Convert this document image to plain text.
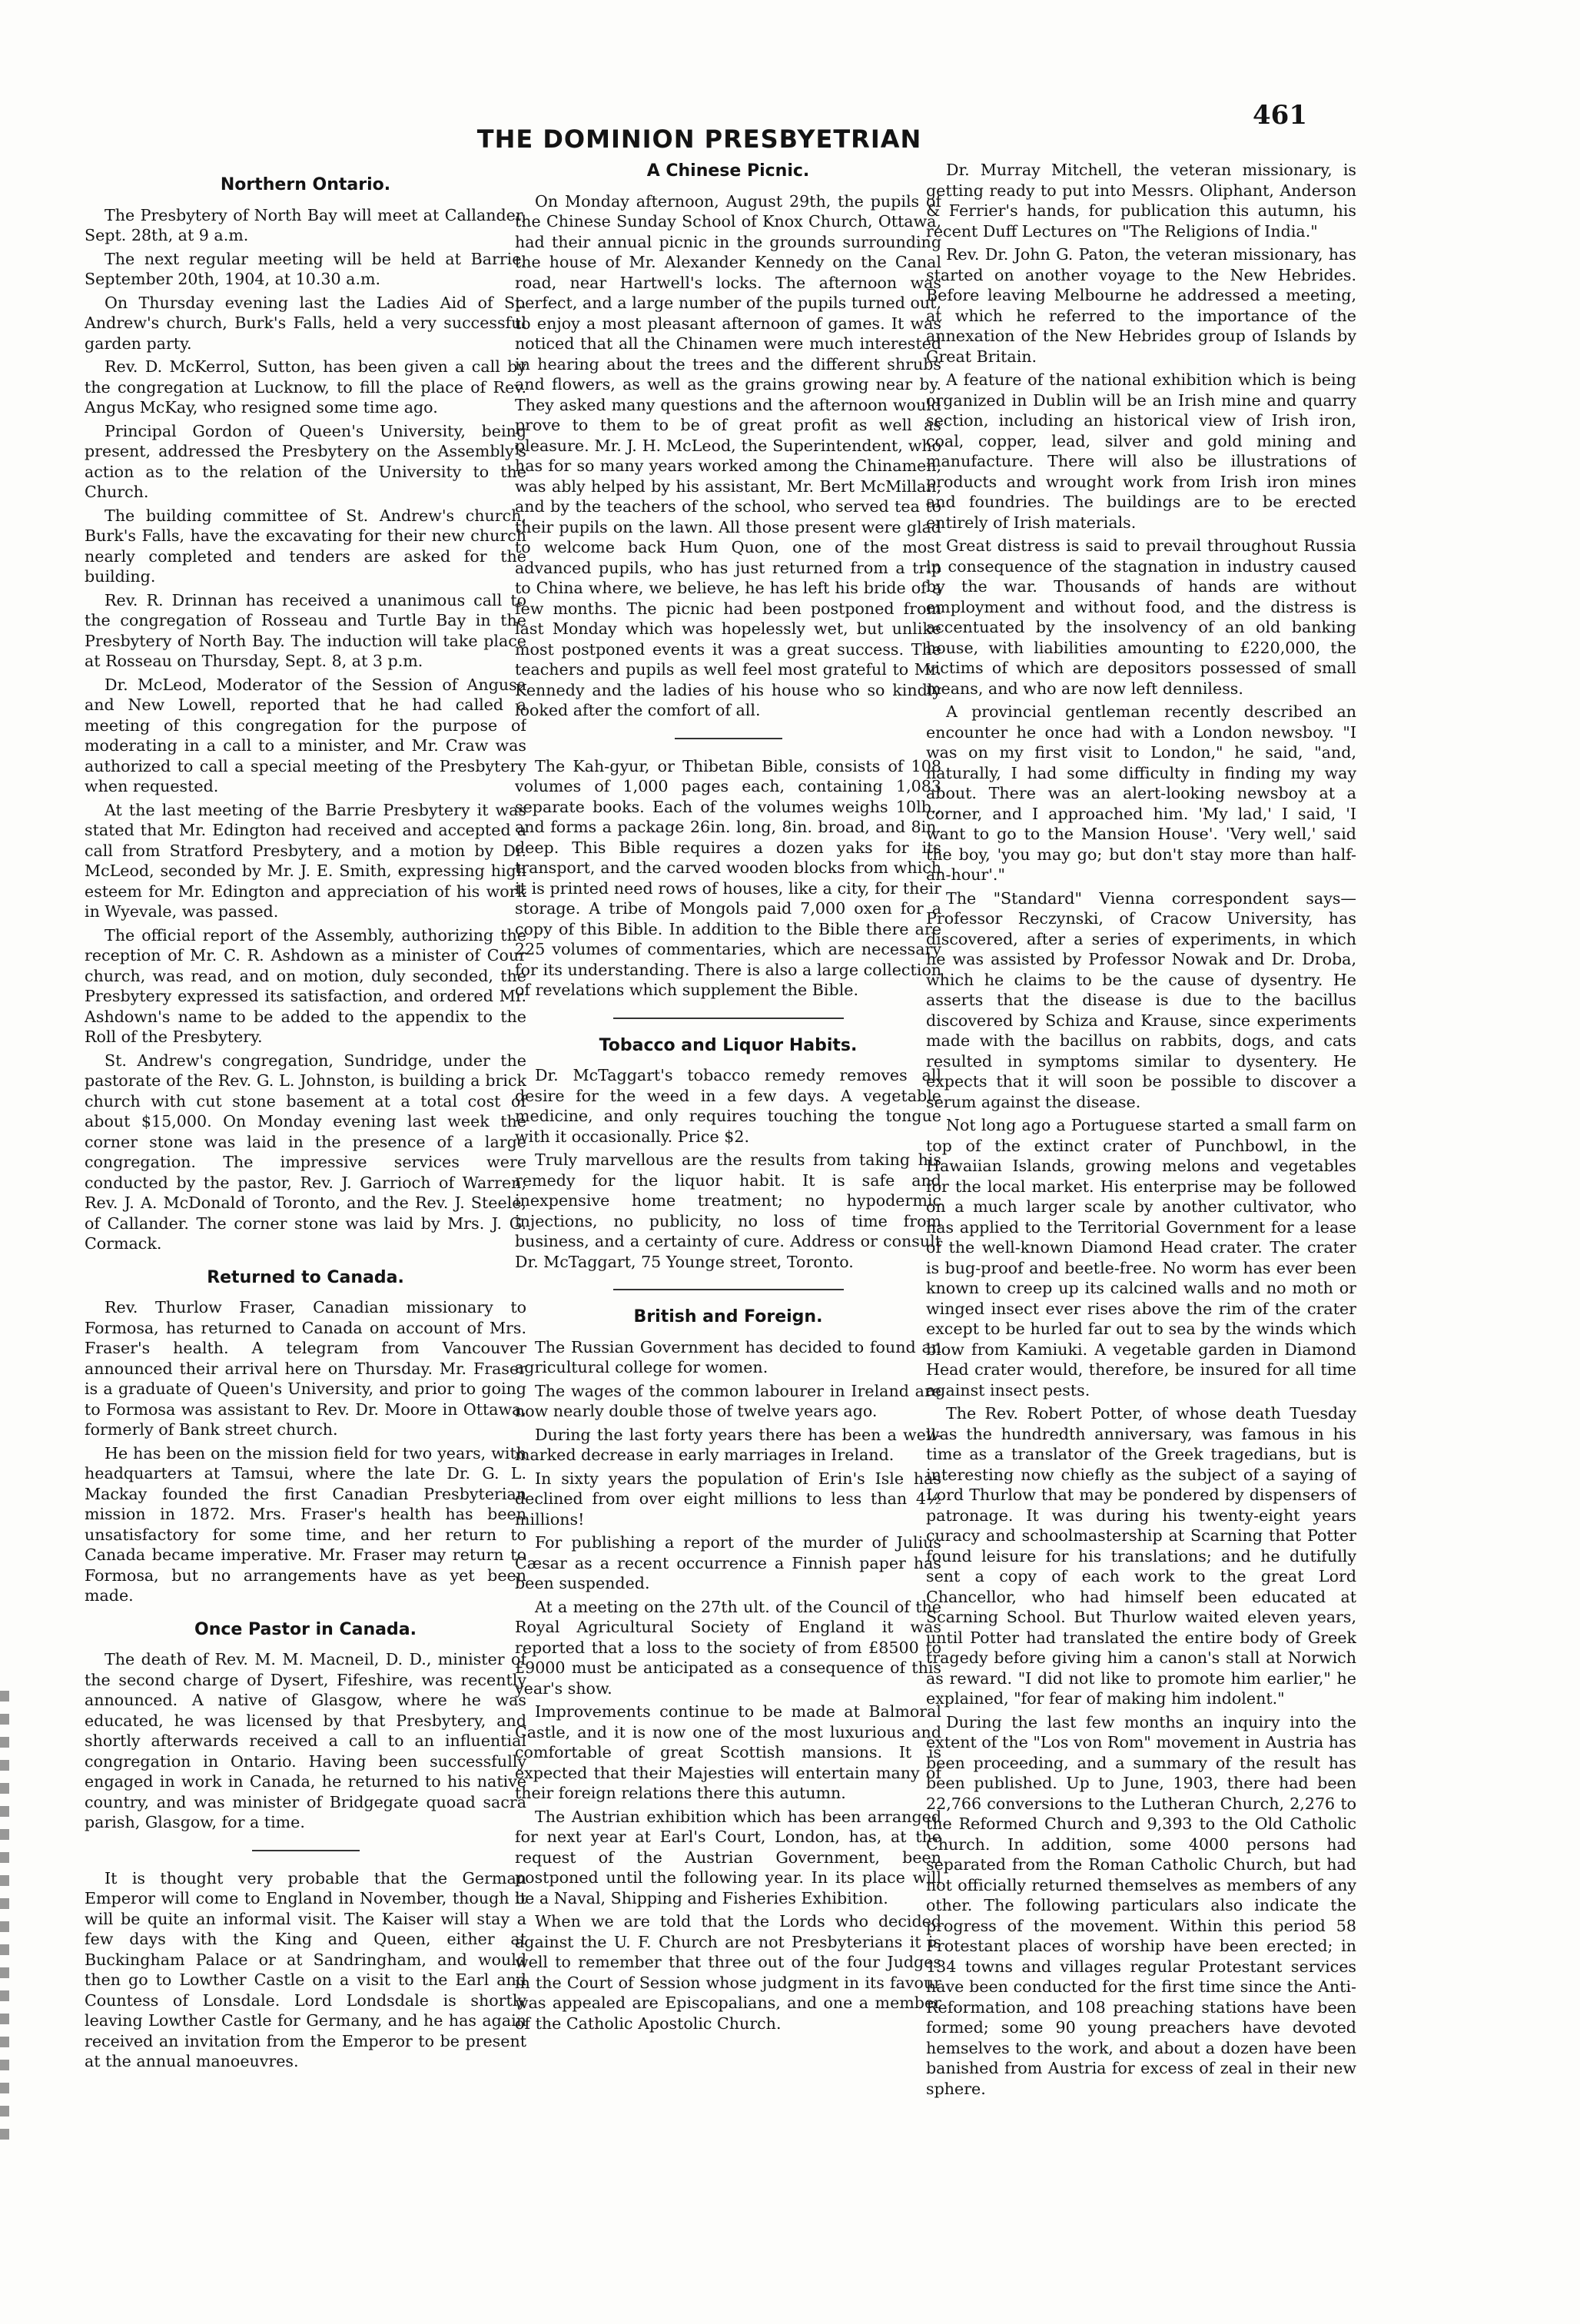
461
THE DOMINION PRESBYETRIAN
Northern Ontario.

The Presbytery of North Bay will meet at Callander, Sept. 28th, at 9 a.m.

The next regular meeting will be held at Barrie, September 20th, 1904, at 10.30 a.m.

On Thursday evening last the Ladies Aid of St. Andrew's church, Burk's Falls, held a very successful garden party.

Rev. D. McKerrol, Sutton, has been given a call by the congregation at Lucknow, to fill the place of Rev. Angus McKay, who resigned some time ago.

Principal Gordon of Queen's University, being present, addressed the Presbytery on the Assembly's action as to the relation of the University to the Church.

The building committee of St. Andrew's church, Burk's Falls, have the excavating for their new church nearly completed and tenders are asked for the building.

Rev. R. Drinnan has received a unanimous call to the congregation of Rosseau and Turtle Bay in the Presbytery of North Bay. The induction will take place at Rosseau on Thursday, Sept. 8, at 3 p.m.

Dr. McLeod, Moderator of the Session of Angusa and New Lowell, reported that he had called a meeting of this congregation for the purpose of moderating in a call to a minister, and Mr. Craw was authorized to call a special meeting of the Presbytery when requested.

At the last meeting of the Barrie Presbytery it was stated that Mr. Edington had received and accepted a call from Stratford Presbytery, and a motion by Dr. McLeod, seconded by Mr. J. E. Smith, expressing high esteem for Mr. Edington and appreciation of his work in Wyevale, was passed.

The official report of the Assembly, authorizing the reception of Mr. C. R. Ashdown as a minister of Cour church, was read, and on motion, duly seconded, the Presbytery expressed its satisfaction, and ordered Mr. Ashdown's name to be added to the appendix to the Roll of the Presbytery.

St. Andrew's congregation, Sundridge, under the pastorate of the Rev. G. L. Johnston, is building a brick church with cut stone basement at a total cost of about $15,000. On Monday evening last week the corner stone was laid in the presence of a large congregation. The impressive services were conducted by the pastor, Rev. J. Garrioch of Warren, Rev. J. A. McDonald of Toronto, and the Rev. J. Steele, of Callander. The corner stone was laid by Mrs. J. G. Cormack.

Returned to Canada.

Rev. Thurlow Fraser, Canadian missionary to Formosa, has returned to Canada on account of Mrs. Fraser's health. A telegram from Vancouver announced their arrival here on Thursday. Mr. Fraser is a graduate of Queen's University, and prior to going to Formosa was assistant to Rev. Dr. Moore in Ottawa, formerly of Bank street church.

He has been on the mission field for two years, with headquarters at Tamsui, where the late Dr. G. L. Mackay founded the first Canadian Presbyterian mission in 1872. Mrs. Fraser's health has been unsatisfactory for some time, and her return to Canada became imperative. Mr. Fraser may return to Formosa, but no arrangements have as yet been made.

Once Pastor in Canada.

The death of Rev. M. M. Macneil, D. D., minister of the second charge of Dysert, Fifeshire, was recently announced. A native of Glasgow, where he was educated, he was licensed by that Presbytery, and shortly afterwards received a call to an influential congregation in Ontario. Having been successfully engaged in work in Canada, he returned to his native country, and was minister of Bridgegate quoad sacra parish, Glasgow, for a time.

It is thought very probable that the German Emperor will come to England in November, though it will be quite an informal visit. The Kaiser will stay a few days with the King and Queen, either at Buckingham Palace or at Sandringham, and would then go to Lowther Castle on a visit to the Earl and Countess of Lonsdale. Lord Londsdale is shortly leaving Lowther Castle for Germany, and he has again received an invitation from the Emperor to be present at the annual manoeuvres.

A Chinese Picnic.

On Monday afternoon, August 29th, the pupils of the Chinese Sunday School of Knox Church, Ottawa, had their annual picnic in the grounds surrounding the house of Mr. Alexander Kennedy on the Canal road, near Hartwell's locks. The afternoon was perfect, and a large number of the pupils turned out, to enjoy a most pleasant afternoon of games. It was noticed that all the Chinamen were much interested in hearing about the trees and the different shrubs and flowers, as well as the grains growing near by. They asked many questions and the afternoon would prove to them to be of great profit as well as pleasure. Mr. J. H. McLeod, the Superintendent, who has for so many years worked among the Chinamen, was ably helped by his assistant, Mr. Bert McMillan, and by the teachers of the school, who served tea to their pupils on the lawn. All those present were glad to welcome back Hum Quon, one of the most advanced pupils, who has just returned from a trip to China where, we believe, he has left his bride of a few months. The picnic had been postponed from last Monday which was hopelessly wet, but unlike most postponed events it was a great success. The teachers and pupils as well feel most grateful to Mr. Kennedy and the ladies of his house who so kindly looked after the comfort of all.

The Kah-gyur, or Thibetan Bible, consists of 108 volumes of 1,000 pages each, containing 1,083 separate books. Each of the volumes weighs 10lb., and forms a package 26in. long, 8in. broad, and 8in. deep. This Bible requires a dozen yaks for its transport, and the carved wooden blocks from which it is printed need rows of houses, like a city, for their storage. A tribe of Mongols paid 7,000 oxen for a copy of this Bible. In addition to the Bible there are 225 volumes of commentaries, which are necessary for its understanding. There is also a large collection of revelations which supplement the Bible.

Tobacco and Liquor Habits.

Dr. McTaggart's tobacco remedy removes all desire for the weed in a few days. A vegetable medicine, and only requires touching the tongue with it occasionally. Price $2.

Truly marvellous are the results from taking his remedy for the liquor habit. It is safe and inexpensive home treatment; no hypodermic injections, no publicity, no loss of time from business, and a certainty of cure. Address or consult Dr. McTaggart, 75 Younge street, Toronto.

British and Foreign.

The Russian Government has decided to found an agricultural college for women.

The wages of the common labourer in Ireland are now nearly double those of twelve years ago.

During the last forty years there has been a well-marked decrease in early marriages in Ireland.

In sixty years the population of Erin's Isle has declined from over eight millions to less than 4½ millions!

For publishing a report of the murder of Julius Cæsar as a recent occurrence a Finnish paper has been suspended.

At a meeting on the 27th ult. of the Council of the Royal Agricultural Society of England it was reported that a loss to the society of from £8500 to £9000 must be anticipated as a consequence of this year's show.

Improvements continue to be made at Balmoral Castle, and it is now one of the most luxurious and comfortable of great Scottish mansions. It is expected that their Majesties will entertain many of their foreign relations there this autumn.

The Austrian exhibition which has been arranged for next year at Earl's Court, London, has, at the request of the Austrian Government, been postponed until the following year. In its place will be a Naval, Shipping and Fisheries Exhibition.

When we are told that the Lords who decided against the U. F. Church are not Presbyterians it is well to remember that three out of the four Judges in the Court of Session whose judgment in its favour was appealed are Episcopalians, and one a member of the Catholic Apostolic Church.

Dr. Murray Mitchell, the veteran missionary, is getting ready to put into Messrs. Oliphant, Anderson & Ferrier's hands, for publication this autumn, his recent Duff Lectures on "The Religions of India."

Rev. Dr. John G. Paton, the veteran missionary, has started on another voyage to the New Hebrides. Before leaving Melbourne he addressed a meeting, at which he referred to the importance of the annexation of the New Hebrides group of Islands by Great Britain.

A feature of the national exhibition which is being organized in Dublin will be an Irish mine and quarry section, including an historical view of Irish iron, coal, copper, lead, silver and gold mining and manufacture. There will also be illustrations of products and wrought work from Irish iron mines and foundries. The buildings are to be erected entirely of Irish materials.

Great distress is said to prevail throughout Russia in consequence of the stagnation in industry caused by the war. Thousands of hands are without employment and without food, and the distress is accentuated by the insolvency of an old banking house, with liabilities amounting to £220,000, the victims of which are depositors possessed of small means, and who are now left denniless.

A provincial gentleman recently described an encounter he once had with a London newsboy. "I was on my first visit to London," he said, "and, naturally, I had some difficulty in finding my way about. There was an alert-looking newsboy at a corner, and I approached him. 'My lad,' I said, 'I want to go to the Mansion House'. 'Very well,' said the boy, 'you may go; but don't stay more than half-an-hour'."

The "Standard" Vienna correspondent says—Professor Reczynski, of Cracow University, has discovered, after a series of experiments, in which he was assisted by Professor Nowak and Dr. Droba, which he claims to be the cause of dysentry. He asserts that the disease is due to the bacillus discovered by Schiza and Krause, since experiments made with the bacillus on rabbits, dogs, and cats resulted in symptoms similar to dysentery. He expects that it will soon be possible to discover a serum against the disease.

Not long ago a Portuguese started a small farm on top of the extinct crater of Punchbowl, in the Hawaiian Islands, growing melons and vegetables for the local market. His enterprise may be followed on a much larger scale by another cultivator, who has applied to the Territorial Government for a lease of the well-known Diamond Head crater. The crater is bug-proof and beetle-free. No worm has ever been known to creep up its calcined walls and no moth or winged insect ever rises above the rim of the crater except to be hurled far out to sea by the winds which blow from Kamiuki. A vegetable garden in Diamond Head crater would, therefore, be insured for all time against insect pests.

The Rev. Robert Potter, of whose death Tuesday was the hundredth anniversary, was famous in his time as a translator of the Greek tragedians, but is interesting now chiefly as the subject of a saying of Lord Thurlow that may be pondered by dispensers of patronage. It was during his twenty-eight years curacy and schoolmastership at Scarning that Potter found leisure for his translations; and he dutifully sent a copy of each work to the great Lord Chancellor, who had himself been educated at Scarning School. But Thurlow waited eleven years, until Potter had translated the entire body of Greek tragedy before giving him a canon's stall at Norwich as reward. "I did not like to promote him earlier," he explained, "for fear of making him indolent."

During the last few months an inquiry into the extent of the "Los von Rom" movement in Austria has been proceeding, and a summary of the result has been published. Up to June, 1903, there had been 22,766 conversions to the Lutheran Church, 2,276 to the Reformed Church and 9,393 to the Old Catholic Church. In addition, some 4000 persons had separated from the Roman Catholic Church, but had not officially returned themselves as members of any other. The following particulars also indicate the progress of the movement. Within this period 58 Protestant places of worship have been erected; in 134 towns and villages regular Protestant services have been conducted for the first time since the Anti-Reformation, and 108 preaching stations have been formed; some 90 young preachers have devoted hemselves to the work, and about a dozen have been banished from Austria for excess of zeal in their new sphere.
